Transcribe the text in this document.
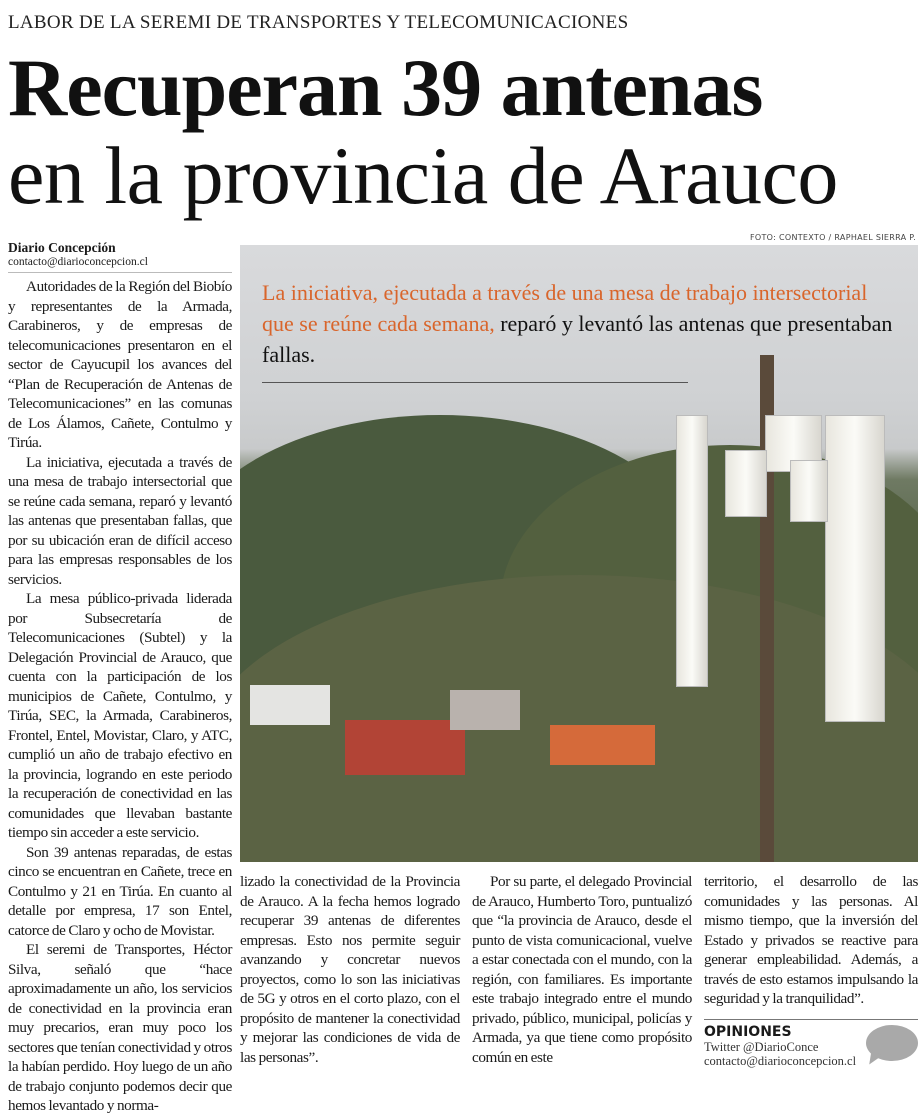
LABOR DE LA SEREMI DE TRANSPORTES Y TELECOMUNICACIONES
Recuperan 39 antenas
en la provincia de Arauco
Diario Concepción
contacto@diarioconcepcion.cl

Autoridades de la Región del Biobío y representantes de la Armada, Carabineros, y de empresas de telecomunicaciones presentaron en el sector de Cayucupil los avances del “Plan de Recuperación de Antenas de Telecomunicaciones” en las comunas de Los Álamos, Cañete, Contulmo y Tirúa.

La iniciativa, ejecutada a través de una mesa de trabajo intersectorial que se reúne cada semana, reparó y levantó las antenas que presentaban fallas, que por su ubicación eran de difícil acceso para las empresas responsables de los servicios.

La mesa público-privada liderada por Subsecretaría de Telecomunicaciones (Subtel) y la Delegación Provincial de Arauco, que cuenta con la participación de los municipios de Cañete, Contulmo, y Tirúa, SEC, la Armada, Carabineros, Frontel, Entel, Movistar, Claro, y ATC, cumplió un año de trabajo efectivo en la provincia, logrando en este periodo la recuperación de conectividad en las comunidades que llevaban bastante tiempo sin acceder a este servicio.

Son 39 antenas reparadas, de estas cinco se encuentran en Cañete, trece en Contulmo y 21 en Tirúa. En cuanto al detalle por empresa, 17 son Entel, catorce de Claro y ocho de Movistar.

El seremi de Transportes, Héctor Silva, señaló que “hace aproximadamente un año, los servicios de conectividad en la provincia eran muy precarios, eran muy poco los sectores que tenían conectividad y otros la habían perdido. Hoy luego de un año de trabajo conjunto podemos decir que hemos levantado y norma-

FOTO: CONTEXTO / RAPHAEL SIERRA P.
La iniciativa, ejecutada a través de una mesa de trabajo intersectorial que se reúne cada semana, reparó y levantó las antenas que presentaban fallas.

lizado la conectividad de la Provincia de Arauco. A la fecha hemos logrado recuperar 39 antenas de diferentes empresas. Esto nos permite seguir avanzando y concretar nuevos proyectos, como lo son las iniciativas de 5G y otros en el corto plazo, con el propósito de mantener la conectividad y mejorar las condiciones de vida de las personas”.

Por su parte, el delegado Provincial de Arauco, Humberto Toro, puntualizó que “la provincia de Arauco, desde el punto de vista comunicacional, vuelve a estar conectada con el mundo, con la región, con familiares. Es importante este trabajo integrado entre el mundo privado, público, municipal, policías y Armada, ya que tiene como propósito común en este

territorio, el desarrollo de las comunidades y las personas. Al mismo tiempo, que la inversión del Estado y privados se reactive para generar empleabilidad. Además, a través de esto estamos impulsando la seguridad y la tranquilidad”.

OPINIONES
Twitter @DiarioConce
contacto@diarioconcepcion.cl
